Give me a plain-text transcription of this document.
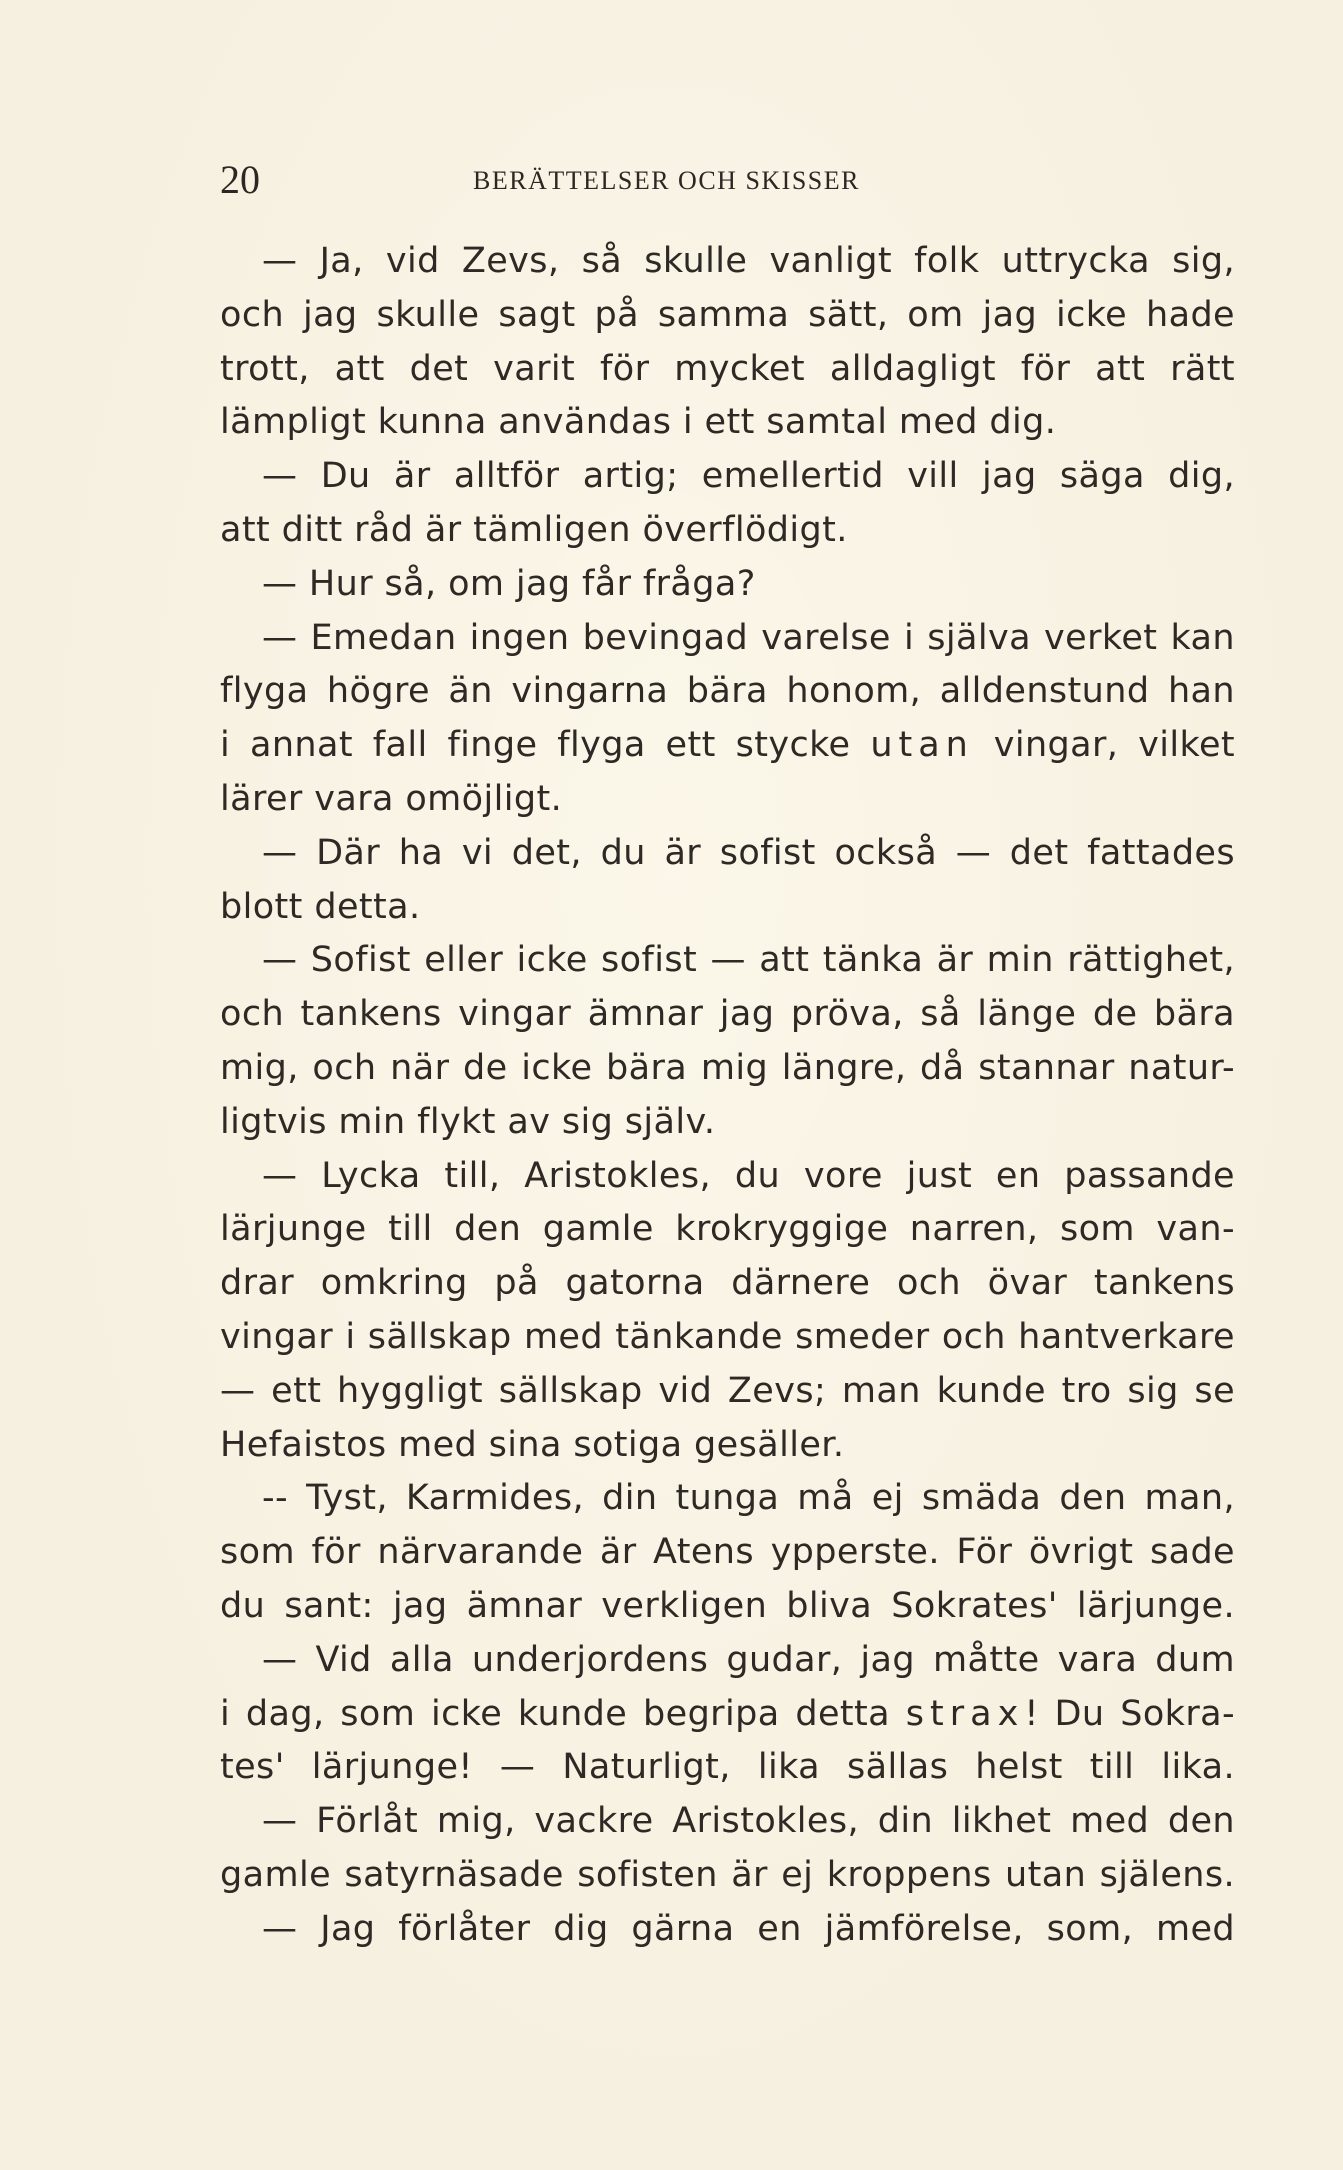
20	BERÄTTELSER OCH SKISSER
— Ja, vid Zevs, så skulle vanligt folk uttrycka sig,
och jag skulle sagt på samma sätt, om jag icke hade
trott, att det varit för mycket alldagligt för att rätt
lämpligt kunna användas i ett samtal med dig.
— Du är alltför artig; emellertid vill jag säga dig,
att ditt råd är tämligen överflödigt.
— Hur så, om jag får fråga?
— Emedan ingen bevingad varelse i själva verket kan
flyga högre än vingarna bära honom, alldenstund han
i annat fall finge flyga ett stycke utan vingar, vilket
lärer vara omöjligt.
— Där ha vi det, du är sofist också — det fattades
blott detta.
— Sofist eller icke sofist — att tänka är min rättighet,
och tankens vingar ämnar jag pröva, så länge de bära
mig, och när de icke bära mig längre, då stannar natur-
ligtvis min flykt av sig själv.
— Lycka till, Aristokles, du vore just en passande
lärjunge till den gamle krokryggige narren, som van-
drar omkring på gatorna därnere och övar tankens
vingar i sällskap med tänkande smeder och hantverkare
— ett hyggligt sällskap vid Zevs; man kunde tro sig se
Hefaistos med sina sotiga gesäller.
-- Tyst, Karmides, din tunga må ej smäda den man,
som för närvarande är Atens ypperste. För övrigt sade
du sant: jag ämnar verkligen bliva Sokrates' lärjunge.
— Vid alla underjordens gudar, jag måtte vara dum
i dag, som icke kunde begripa detta strax! Du Sokra-
tes' lärjunge! — Naturligt, lika sällas helst till lika.
— Förlåt mig, vackre Aristokles, din likhet med den
gamle satyrnäsade sofisten är ej kroppens utan själens.
— Jag förlåter dig gärna en jämförelse, som, med
